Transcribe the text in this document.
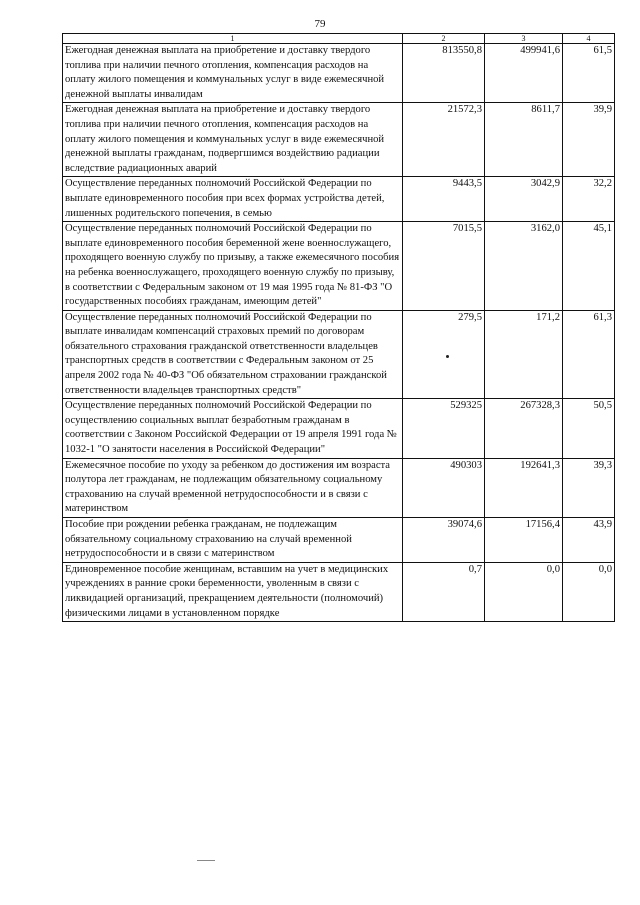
79
1	2	3	4
Ежегодная денежная выплата на приобретение и доставку твердого топлива при наличии печного отопления, компенсация расходов на оплату жилого помещения и коммунальных услуг в виде ежемесячной денежной выплаты инвалидам	813550,8	499941,6	61,5
Ежегодная денежная выплата на приобретение и доставку твердого топлива при наличии печного отопления, компенсация расходов на оплату жилого помещения и коммунальных услуг в виде ежемесячной денежной выплаты гражданам, подвергшимся воздействию радиации вследствие радиационных аварий	21572,3	8611,7	39,9
Осуществление переданных полномочий Российской Федерации по выплате единовременного пособия при всех формах устройства детей, лишенных родительского попечения, в семью	9443,5	3042,9	32,2
Осуществление переданных полномочий Российской Федерации по выплате единовременного пособия беременной жене военнослужащего, проходящего военную службу по призыву, а также ежемесячного пособия на ребенка военнослужащего, проходящего военную службу по призыву, в соответствии с Федеральным законом от 19 мая 1995 года № 81-ФЗ "О государственных пособиях гражданам, имеющим детей"	7015,5	3162,0	45,1
Осуществление переданных полномочий Российской Федерации по выплате инвалидам компенсаций страховых премий по договорам обязательного страхования гражданской ответственности владельцев транспортных средств в соответствии с Федеральным законом от 25 апреля 2002 года № 40-ФЗ "Об обязательном страховании гражданской ответственности владельцев транспортных средств"	279,5	171,2	61,3
Осуществление переданных полномочий Российской Федерации по осуществлению социальных выплат безработным гражданам в соответствии с Законом Российской Федерации от 19 апреля 1991 года № 1032-1 "О занятости населения в Российской Федерации"	529325	267328,3	50,5
Ежемесячное пособие по уходу за ребенком до достижения им возраста полутора лет гражданам, не подлежащим обязательному социальному страхованию на случай временной нетрудоспособности и в связи с материнством	490303	192641,3	39,3
Пособие при рождении ребенка гражданам, не подлежащим обязательному социальному страхованию на случай временной нетрудоспособности и в связи с материнством	39074,6	17156,4	43,9
Единовременное пособие женщинам, вставшим на учет в медицинских учреждениях в ранние сроки беременности, уволенным в связи с ликвидацией организаций, прекращением деятельности (полномочий) физическими лицами в установленном порядке	0,7	0,0	0,0
